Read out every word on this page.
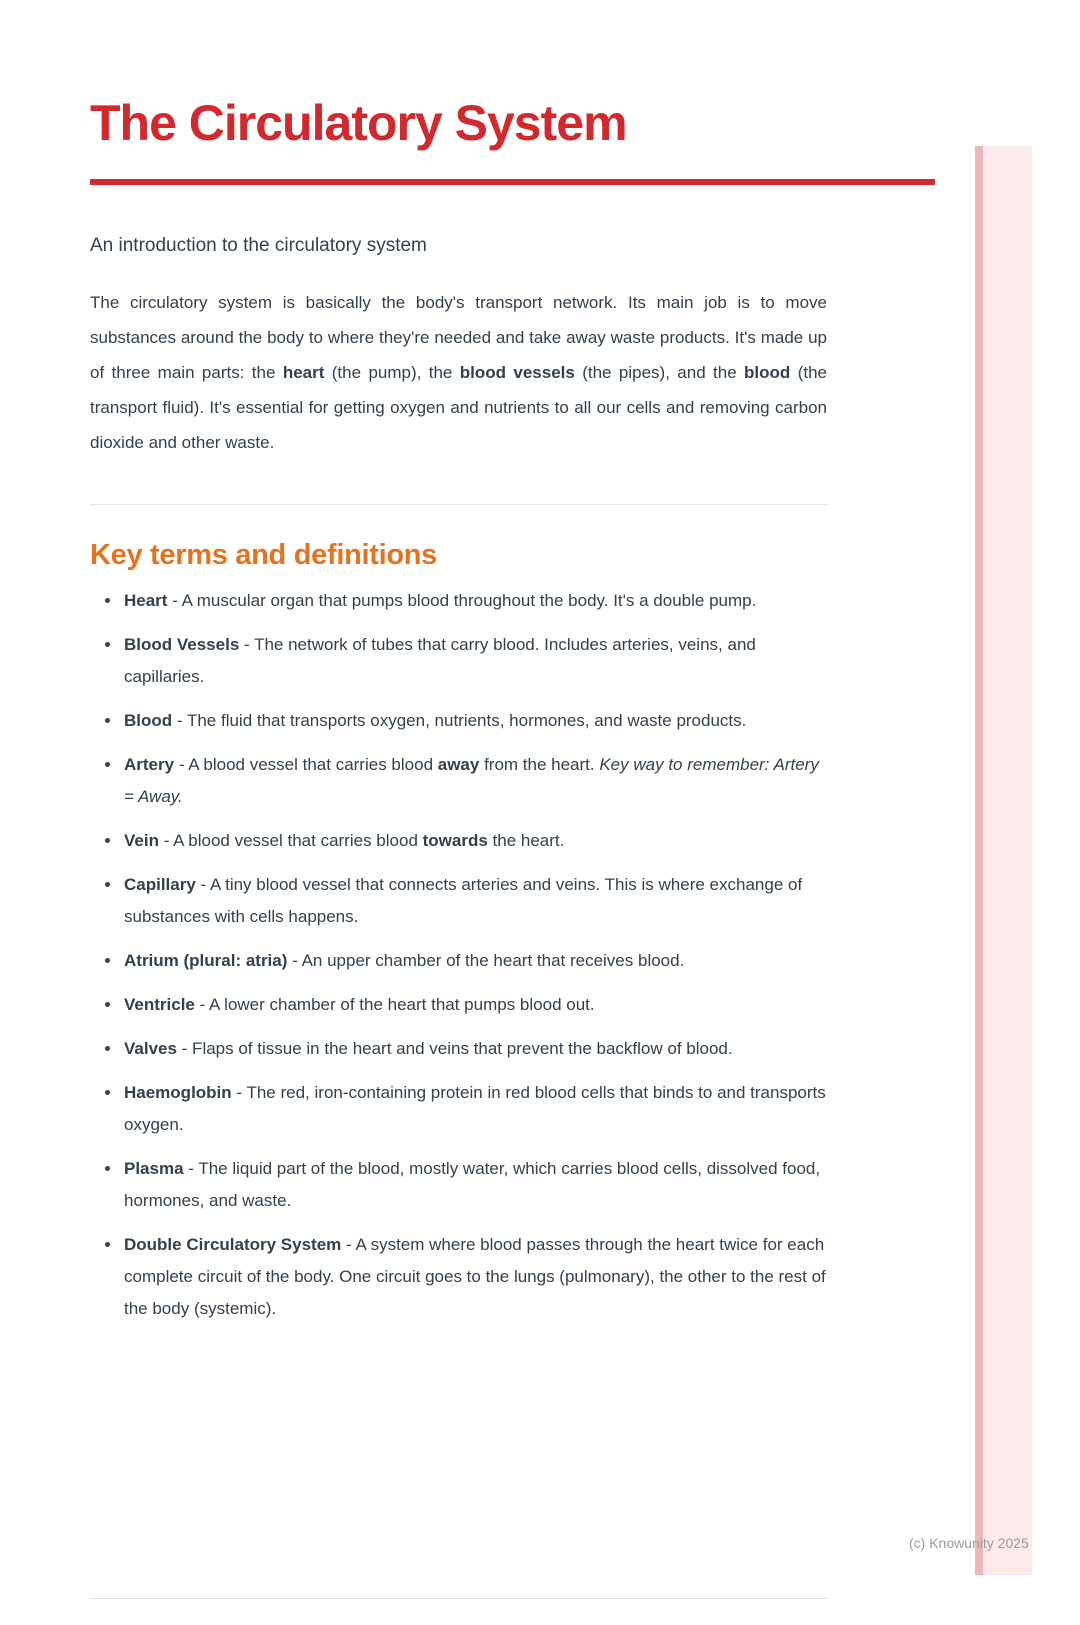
(c) Knowunity 2025
The Circulatory System

An introduction to the circulatory system

The circulatory system is basically the body's transport network. Its main job is to move substances around the body to where they're needed and take away waste products. It's made up of three main parts: the heart (the pump), the blood vessels (the pipes), and the blood (the transport fluid). It's essential for getting oxygen and nutrients to all our cells and removing carbon dioxide and other waste.

Key terms and definitions
Heart - A muscular organ that pumps blood throughout the body. It's a double pump.
Blood Vessels - The network of tubes that carry blood. Includes arteries, veins, and capillaries.
Blood - The fluid that transports oxygen, nutrients, hormones, and waste products.
Artery - A blood vessel that carries blood away from the heart. Key way to remember: Artery = Away.
Vein - A blood vessel that carries blood towards the heart.
Capillary - A tiny blood vessel that connects arteries and veins. This is where exchange of substances with cells happens.
Atrium (plural: atria) - An upper chamber of the heart that receives blood.
Ventricle - A lower chamber of the heart that pumps blood out.
Valves - Flaps of tissue in the heart and veins that prevent the backflow of blood.
Haemoglobin - The red, iron-containing protein in red blood cells that binds to and transports oxygen.
Plasma - The liquid part of the blood, mostly water, which carries blood cells, dissolved food, hormones, and waste.
Double Circulatory System - A system where blood passes through the heart twice for each complete circuit of the body. One circuit goes to the lungs (pulmonary), the other to the rest of the body (systemic).
